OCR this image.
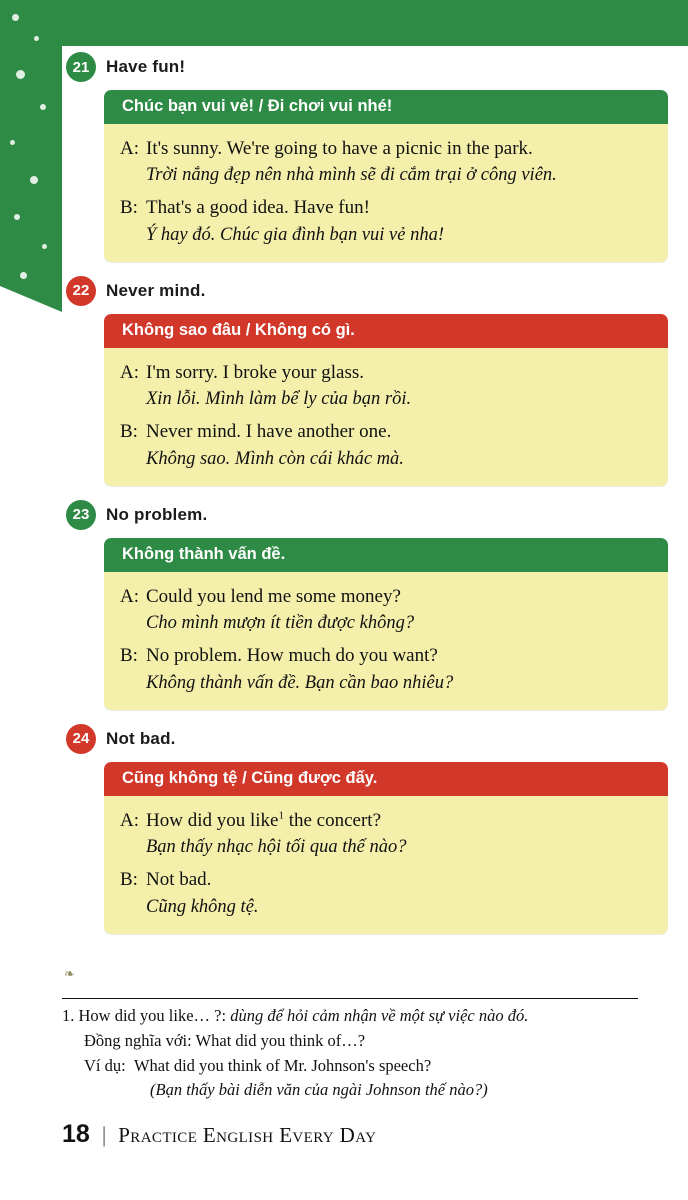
21 Have fun!
Chúc bạn vui vẻ! / Đi chơi vui nhé!
A: It's sunny. We're going to have a picnic in the park.
Trời nắng đẹp nên nhà mình sẽ đi cắm trại ở công viên.
B: That's a good idea. Have fun!
Ý hay đó. Chúc gia đình bạn vui vẻ nha!
22 Never mind.
Không sao đâu / Không có gì.
A: I'm sorry. I broke your glass.
Xin lỗi. Mình làm bể ly của bạn rồi.
B: Never mind. I have another one.
Không sao. Mình còn cái khác mà.
23 No problem.
Không thành vấn đề.
A: Could you lend me some money?
Cho mình mượn ít tiền được không?
B: No problem. How much do you want?
Không thành vấn đề. Bạn cần bao nhiêu?
24 Not bad.
Cũng không tệ / Cũng được đấy.
A: How did you like$^1$ the concert?
Bạn thấy nhạc hội tối qua thế nào?
B: Not bad.
Cũng không tệ.
❧
1. How did you like… ?: dùng để hỏi cảm nhận về một sự việc nào đó.
Đồng nghĩa với: What did you think of…?
Ví dụ: What did you think of Mr. Johnson's speech?
(Bạn thấy bài diễn văn của ngài Johnson thế nào?)
18 | Practice English Every Day
